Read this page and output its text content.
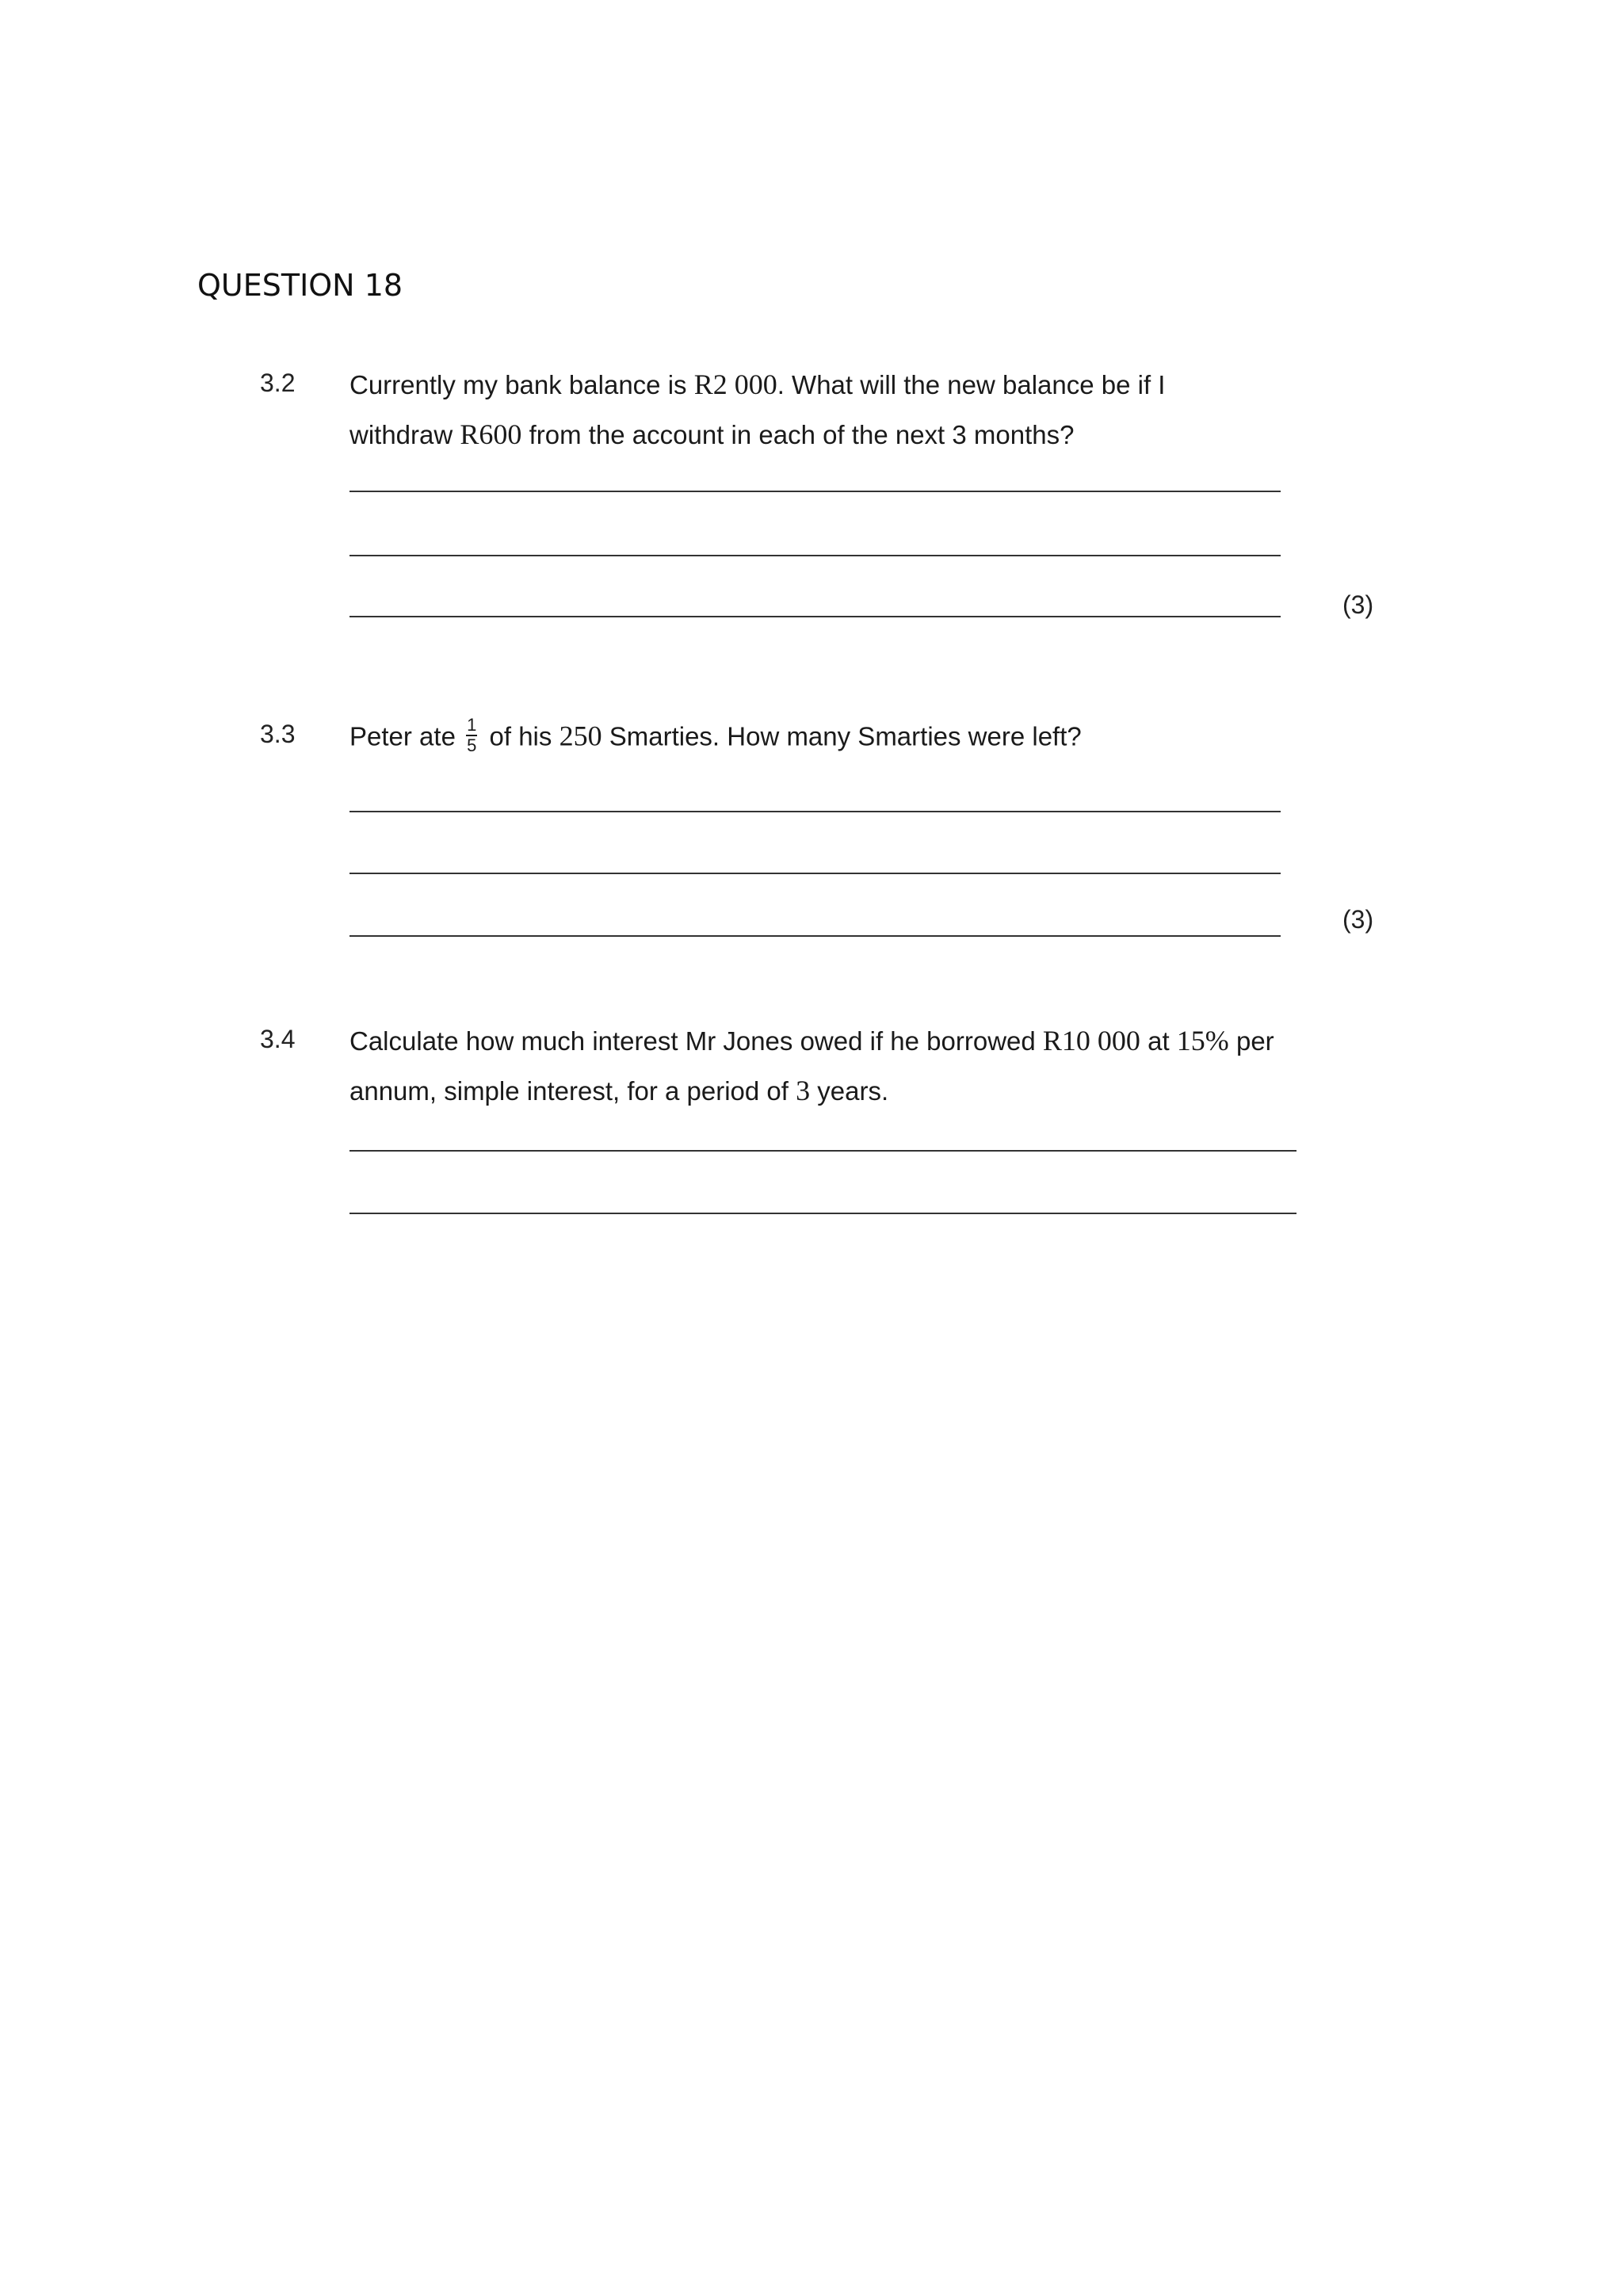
QUESTION 18
3.2 Currently my bank balance is R2 000. What will the new balance be if I
withdraw R600 from the account in each of the next 3 months?
(3)
3.3 Peter ate $\frac{1}{5}$ of his 250 Smarties. How many Smarties were left?
(3)
3.4 Calculate how much interest Mr Jones owed if he borrowed R10 000 at 15% per
annum, simple interest, for a period of 3 years.
